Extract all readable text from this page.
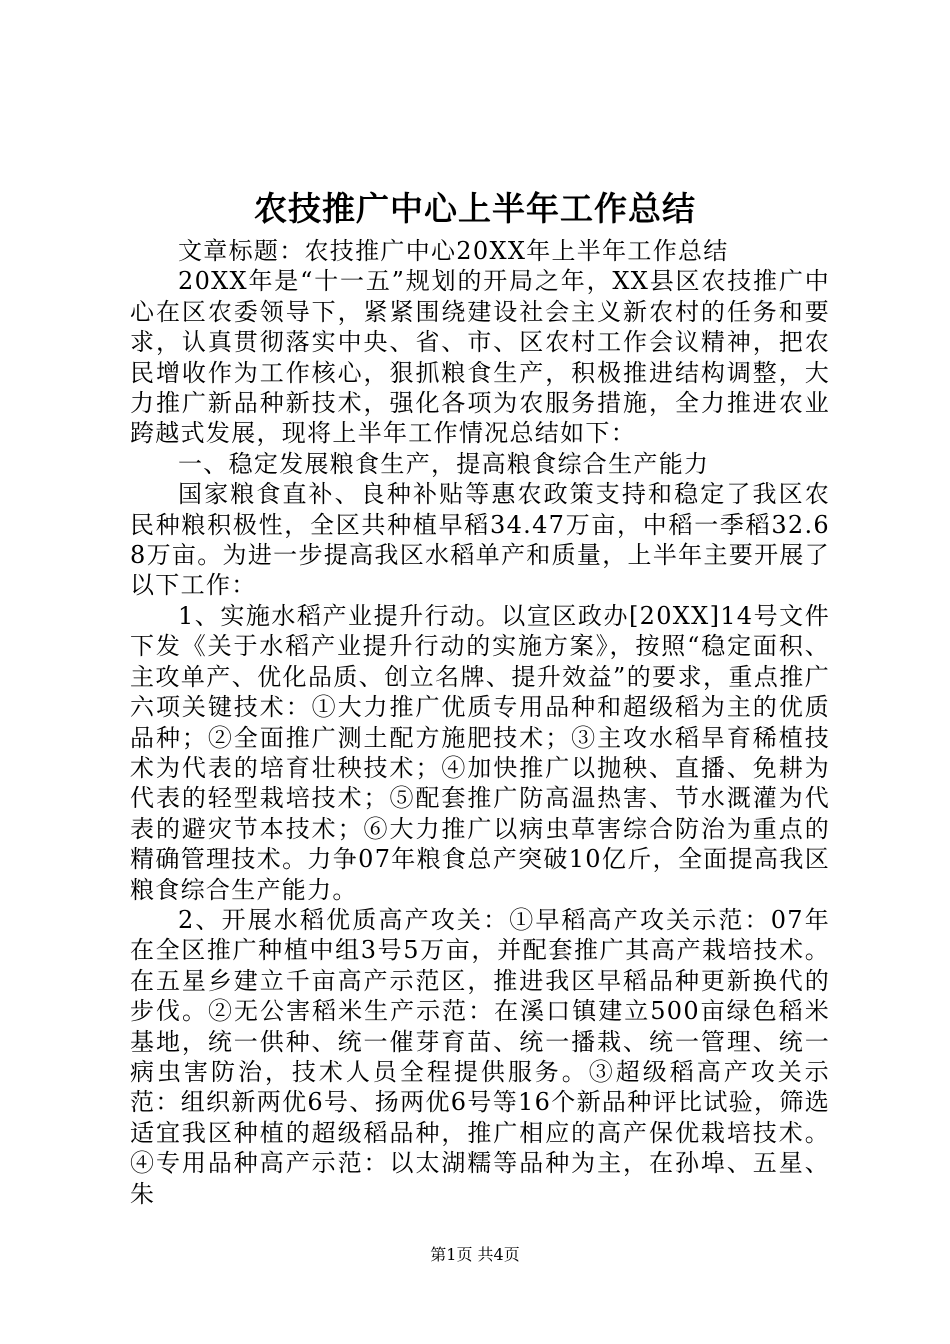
农技推广中心上半年工作总结

文章标题：农技推广中心20XX年上半年工作总结

20XX年是“十一五”规划的开局之年，XX县区农技推广中心在区农委领导下，紧紧围绕建设社会主义新农村的任务和要求，认真贯彻落实中央、省、市、区农村工作会议精神，把农民增收作为工作核心，狠抓粮食生产，积极推进结构调整，大力推广新品种新技术，强化各项为农服务措施，全力推进农业跨越式发展，现将上半年工作情况总结如下：

一、稳定发展粮食生产，提高粮食综合生产能力

国家粮食直补、良种补贴等惠农政策支持和稳定了我区农民种粮积极性，全区共种植早稻34.47万亩，中稻一季稻32.68万亩。为进一步提高我区水稻单产和质量，上半年主要开展了以下工作：

1、实施水稻产业提升行动。以宣区政办[20XX]14号文件下发《关于水稻产业提升行动的实施方案》，按照“稳定面积、主攻单产、优化品质、创立名牌、提升效益”的要求，重点推广六项关键技术：①大力推广优质专用品种和超级稻为主的优质品种；②全面推广测土配方施肥技术；③主攻水稻旱育稀植技术为代表的培育壮秧技术；④加快推广以抛秧、直播、免耕为代表的轻型栽培技术；⑤配套推广防高温热害、节水溉灌为代表的避灾节本技术；⑥大力推广以病虫草害综合防治为重点的精确管理技术。力争07年粮食总产突破10亿斤，全面提高我区粮食综合生产能力。

2、开展水稻优质高产攻关：①早稻高产攻关示范：07年在全区推广种植中组3号5万亩，并配套推广其高产栽培技术。在五星乡建立千亩高产示范区，推进我区早稻品种更新换代的步伐。②无公害稻米生产示范：在溪口镇建立500亩绿色稻米基地，统一供种、统一催芽育苗、统一播栽、统一管理、统一病虫害防治，技术人员全程提供服务。③超级稻高产攻关示范：组织新两优6号、扬两优6号等16个新品种评比试验，筛选适宜我区种植的超级稻品种，推广相应的高产保优栽培技术。④专用品种高产示范：以太湖糯等品种为主，在孙埠、五星、朱

第1页 共4页
